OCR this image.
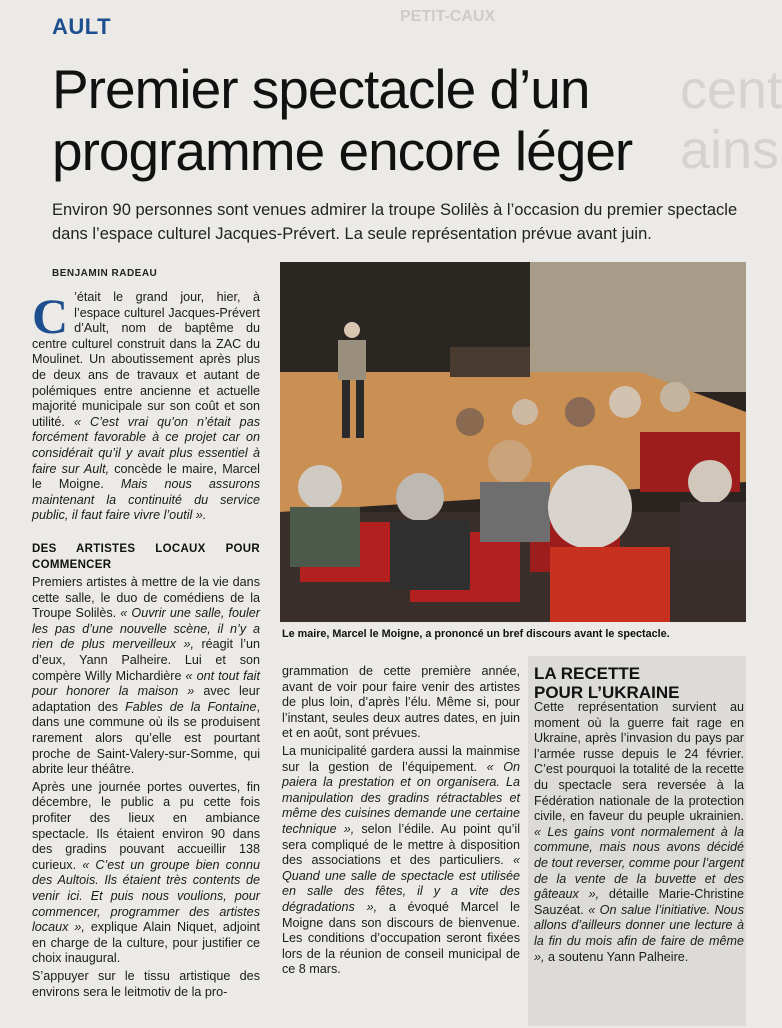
PETIT-CAUX
cent
ains
AULT
Premier spectacle d’un programme encore léger
Environ 90 personnes sont venues admirer la troupe Solilès à l’occasion du premier spectacle dans l’espace culturel Jacques-Prévert. La seule représentation prévue avant juin.
BENJAMIN RADEAU

C ’était le grand jour, hier, à l’espace culturel Jacques-Prévert d’Ault, nom de baptême du centre culturel construit dans la ZAC du Moulinet. Un aboutissement après plus de deux ans de travaux et autant de polémiques entre ancienne et actuelle majorité municipale sur son coût et son utilité. « C’est vrai qu’on n’était pas forcément favorable à ce projet car on considérait qu’il y avait plus essentiel à faire sur Ault, concède le maire, Marcel le Moigne. Mais nous assurons maintenant la continuité du service public, il faut faire vivre l’outil ».

DES ARTISTES LOCAUX POUR COMMENCER

Premiers artistes à mettre de la vie dans cette salle, le duo de comédiens de la Troupe Solilès. « Ouvrir une salle, fouler les pas d’une nouvelle scène, il n’y a rien de plus merveilleux », réagit l’un d’eux, Yann Palheire. Lui et son compère Willy Michardière « ont tout fait pour honorer la maison » avec leur adaptation des Fables de la Fontaine, dans une commune où ils se produisent rarement alors qu’elle est pourtant proche de Saint-Valery-sur-Somme, qui abrite leur théâtre.

Après une journée portes ouvertes, fin décembre, le public a pu cette fois profiter des lieux en ambiance spectacle. Ils étaient environ 90 dans des gradins pouvant accueillir 138 curieux. « C’est un groupe bien connu des Aultois. Ils étaient très contents de venir ici. Et puis nous voulions, pour commencer, programmer des artistes locaux », explique Alain Niquet, adjoint en charge de la culture, pour justifier ce choix inaugural.

S’appuyer sur le tissu artistique des environs sera le leitmotiv de la pro-

Le maire, Marcel le Moigne, a prononcé un bref discours avant le spectacle.

grammation de cette première année, avant de voir pour faire venir des artistes de plus loin, d’après l’élu. Même si, pour l’instant, seules deux autres dates, en juin et en août, sont prévues.

La municipalité gardera aussi la mainmise sur la gestion de l’équipement. « On paiera la prestation et on organisera. La manipulation des gradins rétractables et même des cuisines demande une certaine technique », selon l’édile. Au point qu’il sera compliqué de le mettre à disposition des associations et des particuliers. « Quand une salle de spectacle est utilisée en salle des fêtes, il y a vite des dégradations », a évoqué Marcel le Moigne dans son discours de bienvenue. Les conditions d’occupation seront fixées lors de la réunion de conseil municipal de ce 8 mars.

LA RECETTE
POUR L’UKRAINE

Cette représentation survient au moment où la guerre fait rage en Ukraine, après l’invasion du pays par l’armée russe depuis le 24 février. C’est pourquoi la totalité de la recette du spectacle sera reversée à la Fédération nationale de la protection civile, en faveur du peuple ukrainien. « Les gains vont normalement à la commune, mais nous avons décidé de tout reverser, comme pour l’argent de la vente de la buvette et des gâteaux », détaille Marie-Christine Sauzéat. « On salue l’initiative. Nous allons d’ailleurs donner une lecture à la fin du mois afin de faire de même », a soutenu Yann Palheire.
